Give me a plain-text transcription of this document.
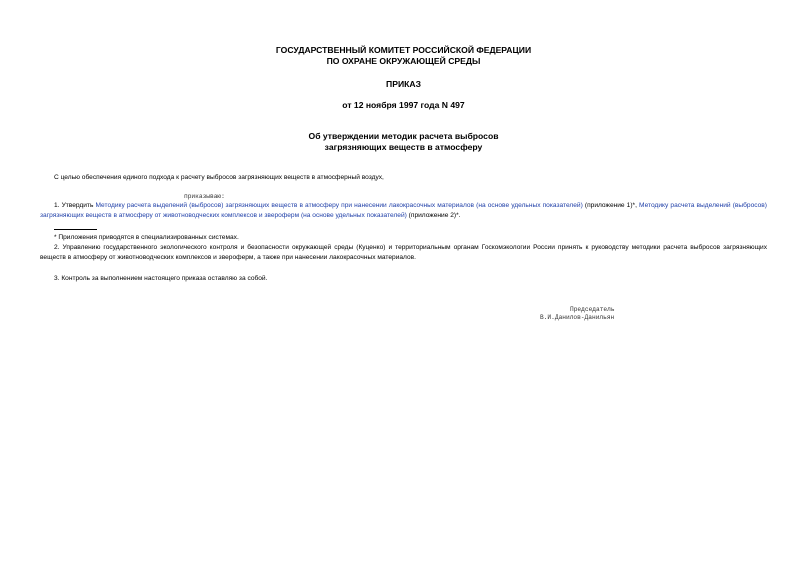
ГОСУДАРСТВЕННЫЙ КОМИТЕТ РОССИЙСКОЙ ФЕДЕРАЦИИ
ПО ОХРАНЕ ОКРУЖАЮЩЕЙ СРЕДЫ
ПРИКАЗ
от 12 ноября 1997 года N 497
Об утверждении методик расчета выбросов
загрязняющих веществ в атмосферу
С целью обеспечения единого подхода к расчету выбросов загрязняющих веществ в атмосферный воздух,
приказываю:
1. Утвердить Методику расчета выделений (выбросов) загрязняющих веществ в атмосферу при нанесении лакокрасочных материалов (на основе удельных показателей) (приложение 1)*, Методику расчета выделений (выбросов) загрязняющих веществ в атмосферу от животноводческих комплексов и звероферм (на основе удельных показателей) (приложение 2)*.
* Приложения приводятся в специализированных системах.
2. Управлению государственного экологического контроля и безопасности окружающей среды (Куценко) и территориальным органам Госкомэкологии России принять к руководству методики расчета выбросов загрязняющих веществ в атмосферу от животноводческих комплексов и звероферм, а также при нанесении лакокрасочных материалов.
3. Контроль за выполнением настоящего приказа оставляю за собой.
Председатель
В.И.Данилов-Данильян
